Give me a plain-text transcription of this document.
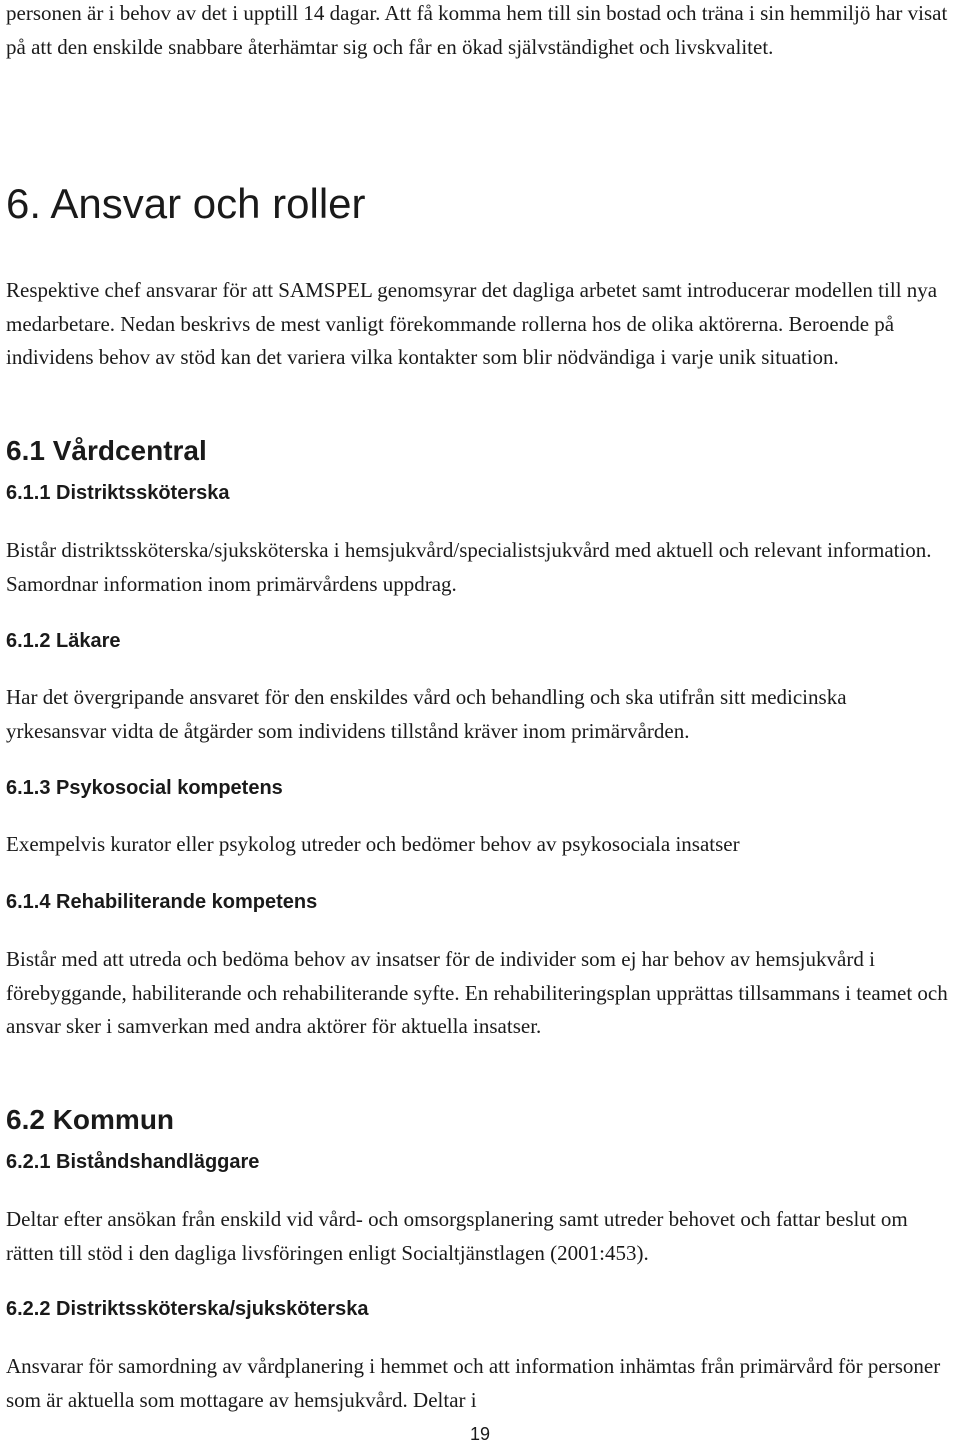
personen är i behov av det i upptill 14 dagar. Att få komma hem till sin bostad och träna i sin hemmiljö har visat på att den enskilde snabbare återhämtar sig och får en ökad självständighet och livskvalitet.

6. Ansvar och roller

Respektive chef ansvarar för att SAMSPEL genomsyrar det dagliga arbetet samt introducerar modellen till nya medarbetare. Nedan beskrivs de mest vanligt förekommande rollerna hos de olika aktörerna. Beroende på individens behov av stöd kan det variera vilka kontakter som blir nödvändiga i varje unik situation.

6.1 Vårdcentral
6.1.1 Distriktssköterska

Bistår distriktssköterska/sjuksköterska i hemsjukvård/specialistsjukvård med aktuell och relevant information. Samordnar information inom primärvårdens uppdrag.

6.1.2 Läkare

Har det övergripande ansvaret för den enskildes vård och behandling och ska utifrån sitt medicinska yrkesansvar vidta de åtgärder som individens tillstånd kräver inom primärvården.

6.1.3 Psykosocial kompetens

Exempelvis kurator eller psykolog utreder och bedömer behov av psykosociala insatser

6.1.4 Rehabiliterande kompetens

Bistår med att utreda och bedöma behov av insatser för de individer som ej har behov av hemsjukvård i förebyggande, habiliterande och rehabiliterande syfte. En rehabiliteringsplan upprättas tillsammans i teamet och ansvar sker i samverkan med andra aktörer för aktuella insatser.

6.2 Kommun
6.2.1 Biståndshandläggare

Deltar efter ansökan från enskild vid vård- och omsorgsplanering samt utreder behovet och fattar beslut om rätten till stöd i den dagliga livsföringen enligt Socialtjänstlagen (2001:453).

6.2.2 Distriktssköterska/sjuksköterska

Ansvarar för samordning av vårdplanering i hemmet och att information inhämtas från primärvård för personer som är aktuella som mottagare av hemsjukvård. Deltar i

19
